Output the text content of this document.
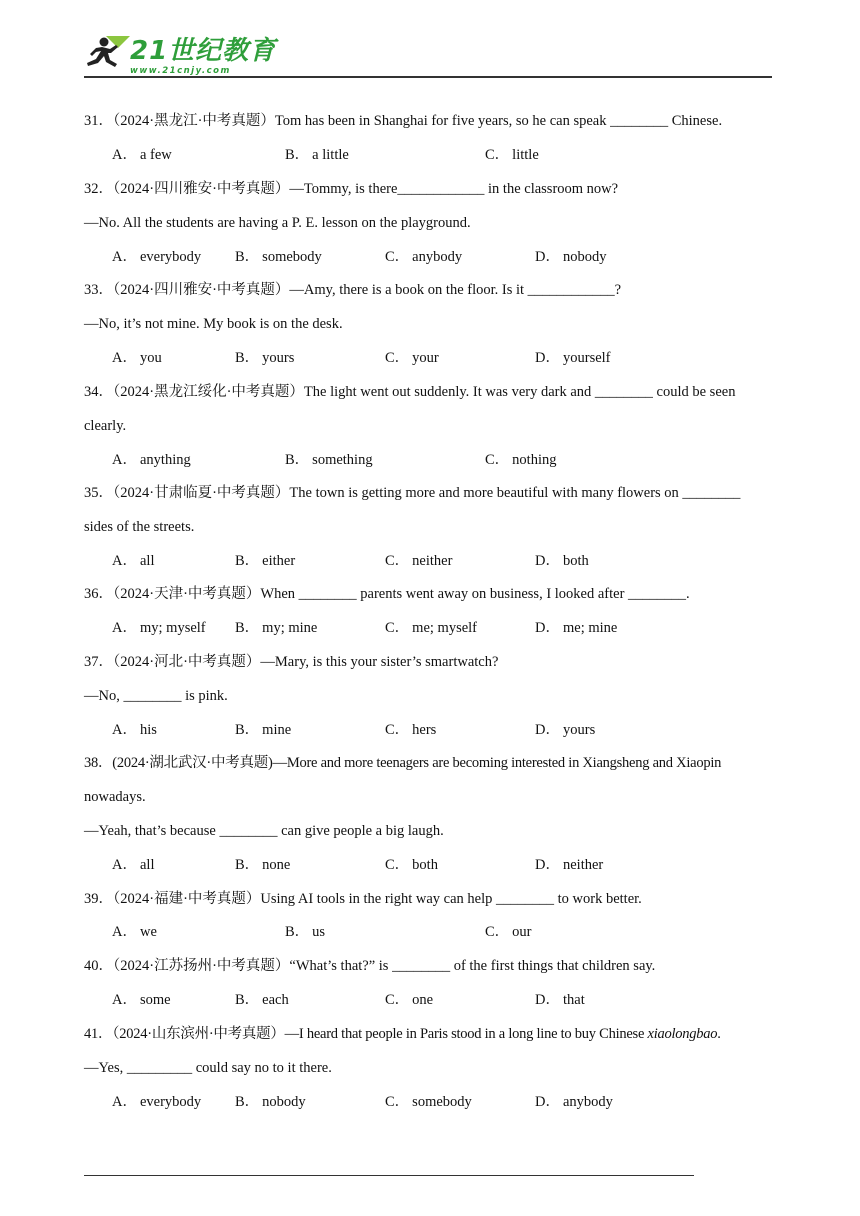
21世纪教育
www.21cnjy.com
31．（2024·黑龙江·中考真题）Tom has been in Shanghai for five years, so he can speak ________ Chinese.
A． a few	B． a little	C． little
32．（2024·四川雅安·中考真题）—Tommy, is there____________ in the classroom now?
—No. All the students are having a P. E. lesson on the playground.
A． everybody B． somebody	C． anybody	D． nobody
33．（2024·四川雅安·中考真题）—Amy, there is a book on the floor. Is it ____________?
—No, it’s not mine. My book is on the desk.
A． you	B． yours	C． your	D． yourself
34．（2024·黑龙江绥化·中考真题）The light went out suddenly. It was very dark and ________ could be seen
clearly.
A． anything	B． something	C． nothing
35．（2024·甘肃临夏·中考真题）The town is getting more and more beautiful with many flowers on ________
sides of the streets.
A． all	B． either	C． neither	D． both
36．（2024·天津·中考真题）When ________ parents went away on business, I looked after ________.
A． my; myself B． my; mine	C． me; myself	D． me; mine
37．（2024·河北·中考真题）—Mary, is this your sister’s smartwatch?
—No, ________ is pink.
A． his	B． mine	C． hers	D． yours
38．(2024·湖北武汉·中考真题)—More and more teenagers are becoming interested in Xiangsheng and Xiaopin
nowadays.
—Yeah, that’s because ________ can give people a big laugh.
A． all	B． none	C． both	D． neither
39．（2024·福建·中考真题）Using AI tools in the right way can help ________ to work better.
A． we	B． us	C． our
40．（2024·江苏扬州·中考真题）“What’s that?” is ________ of the first things that children say.
A． some	B． each	C． one	D． that
41．（2024·山东滨州·中考真题）—I heard that people in Paris stood in a long line to buy Chinese xiaolongbao.
—Yes, _________ could say no to it there.
A． everybody B． nobody	C． somebody	D． anybody
